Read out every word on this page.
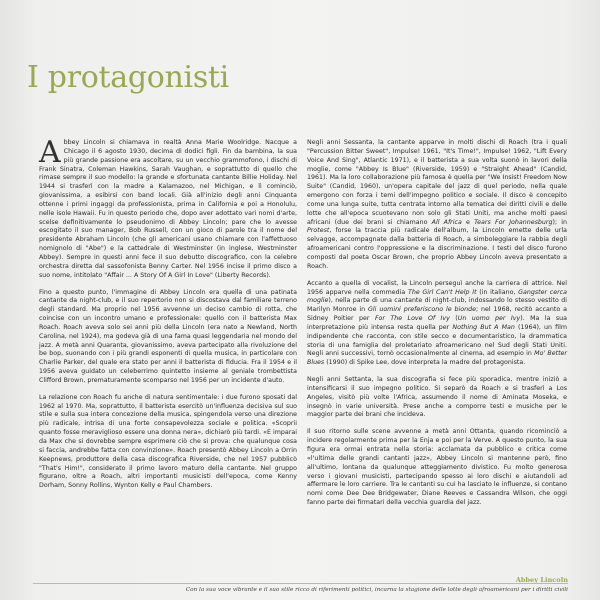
I protagonisti

Abbey Lincoln si chiamava in realtà Anna Marie Woolridge. Nacque a Chicago il 6 agosto 1930, decima di dodici figli. Fin da bambina, la sua più grande passione era ascoltare, su un vecchio grammofono, i dischi di Frank Sinatra, Coleman Hawkins, Sarah Vaughan, e soprattutto di quello che rimase sempre il suo modello: la grande e sfortunata cantante Billie Holiday. Nel 1944 si trasferì con la madre a Kalamazoo, nel Michigan, e lì cominciò, giovanissima, a esibirsi con band locali. Già all'inizio degli anni Cinquanta ottenne i primi ingaggi da professionista, prima in California e poi a Honolulu, nelle isole Hawaii. Fu in questo periodo che, dopo aver adottato vari nomi d'arte, scelse definitivamente lo pseudonimo di Abbey Lincoln; pare che lo avesse escogitato il suo manager, Bob Russell, con un gioco di parole tra il nome del presidente Abraham Lincoln (che gli americani usano chiamare con l'affettuoso nomignolo di "Abe") e la cattedrale di Westminster (in inglese, Westminster Abbey). Sempre in questi anni fece il suo debutto discografico, con la celebre orchestra diretta dal sassofonista Benny Carter. Nel 1956 incise il primo disco a suo nome, intitolato "Affair ... A Story Of A Girl In Love" (Liberty Records).

Fino a questo punto, l'immagine di Abbey Lincoln era quella di una patinata cantante da night-club, e il suo repertorio non si discostava dal familiare terreno degli standard. Ma proprio nel 1956 avvenne un deciso cambio di rotta, che coincise con un incontro umano e professionale: quello con il batterista Max Roach. Roach aveva solo sei anni più della Lincoln (era nato a Newland, North Carolina, nel 1924), ma godeva già di una fama quasi leggendaria nel mondo del jazz. A metà anni Quaranta, giovanissimo, aveva partecipato alla rivoluzione del be bop, suonando con i più grandi esponenti di quella musica, in particolare con Charlie Parker, del quale era stato per anni il batterista di fiducia. Fra il 1954 e il 1956 aveva guidato un celeberrimo quintetto insieme al geniale trombettista Clifford Brown, prematuramente scomparso nel 1956 per un incidente d'auto.

La relazione con Roach fu anche di natura sentimentale: i due furono sposati dal 1962 al 1970. Ma, soprattutto, il batterista esercitò un'influenza decisiva sul suo stile e sulla sua intera concezione della musica, spingendola verso una direzione più radicale, intrisa di una forte consapevolezza sociale e politica. «Scoprii quanto fosse meraviglioso essere una donna nera», dichiarò più tardi. «E imparai da Max che si dovrebbe sempre esprimere ciò che si prova: che qualunque cosa si faccia, andrebbe fatta con convinzione». Roach presentò Abbey Lincoln a Orrin Keepnews, produttore della casa discografica Riverside, che nel 1957 pubblicò "That's Him!", considerato il primo lavoro maturo della cantante. Nel gruppo figurano, oltre a Roach, altri importanti musicisti dell'epoca, come Kenny Dorham, Sonny Rollins, Wynton Kelly e Paul Chambers.

Negli anni Sessanta, la cantante apparve in molti dischi di Roach (tra i quali "Percussion Bitter Sweet", Impulse! 1961, "It's Time!", Impulse! 1962, "Lift Every Voice And Sing", Atlantic 1971), e il batterista a sua volta suonò in lavori della moglie, come "Abbey Is Blue" (Riverside, 1959) e "Straight Ahead" (Candid, 1961). Ma la loro collaborazione più famosa è quella per "We Insist! Freedom Now Suite" (Candid, 1960), un'opera capitale del jazz di quel periodo, nella quale emergono con forza i temi dell'impegno politico e sociale. Il disco è concepito come una lunga suite, tutta centrata intorno alla tematica dei diritti civili e delle lotte che all'epoca scuotevano non solo gli Stati Uniti, ma anche molti paesi africani (due dei brani si chiamano All Africa e Tears For Johannesburg); in Protest, forse la traccia più radicale dell'album, la Lincoln emette delle urla selvagge, accompagnate dalla batteria di Roach, a simboleggiare la rabbia degli afroamericani contro l'oppressione e la discriminazione. I testi del disco furono composti dal poeta Oscar Brown, che proprio Abbey Lincoln aveva presentato a Roach.

Accanto a quella di vocalist, la Lincoln perseguì anche la carriera di attrice. Nel 1956 apparve nella commedia The Girl Can't Help It (in italiano, Gangster cerca moglie), nella parte di una cantante di night-club, indossando lo stesso vestito di Marilyn Monroe in Gli uomini preferiscono le bionde; nel 1968, recitò accanto a Sidney Poitier per For The Love Of Ivy (Un uomo per Ivy). Ma la sua interpretazione più intensa resta quella per Nothing But A Man (1964), un film indipendente che racconta, con stile secco e documentaristico, la drammatica storia di una famiglia del proletariato afroamericano nel Sud degli Stati Uniti. Negli anni successivi, tornò occasionalmente al cinema, ad esempio in Mo' Better Blues (1990) di Spike Lee, dove interpreta la madre del protagonista.

Negli anni Settanta, la sua discografia si fece più sporadica, mentre iniziò a intensificarsi il suo impegno politico. Si separò da Roach e si trasferì a Los Angeles, visitò più volte l'Africa, assumendo il nome di Aminata Moseka, e insegnò in varie università. Prese anche a comporre testi e musiche per le maggior parte dei brani che incideva.

Il suo ritorno sulle scene avvenne a metà anni Ottanta, quando ricominciò a incidere regolarmente prima per la Enja e poi per la Verve. A questo punto, la sua figura era ormai entrata nella storia: acclamata da pubblico e critica come «l'ultima delle grandi cantanti jazz», Abbey Lincoln si mantenne però, fino all'ultimo, lontana da qualunque atteggiamento divistico. Fu molto generosa verso i giovani musicisti, partecipando spesso ai loro dischi e aiutandoli ad affermare le loro carriere. Tra le cantanti su cui ha lasciato le influenze, si contano nomi come Dee Dee Bridgewater, Diane Reeves e Cassandra Wilson, che oggi fanno parte dei firmatari della vecchia guardia del jazz.

Abbey Lincoln
Con la sua voce vibrante e il suo stile ricco di riferimenti politici, incarna la stagione delle lotte degli afroamericani per i diritti civili
